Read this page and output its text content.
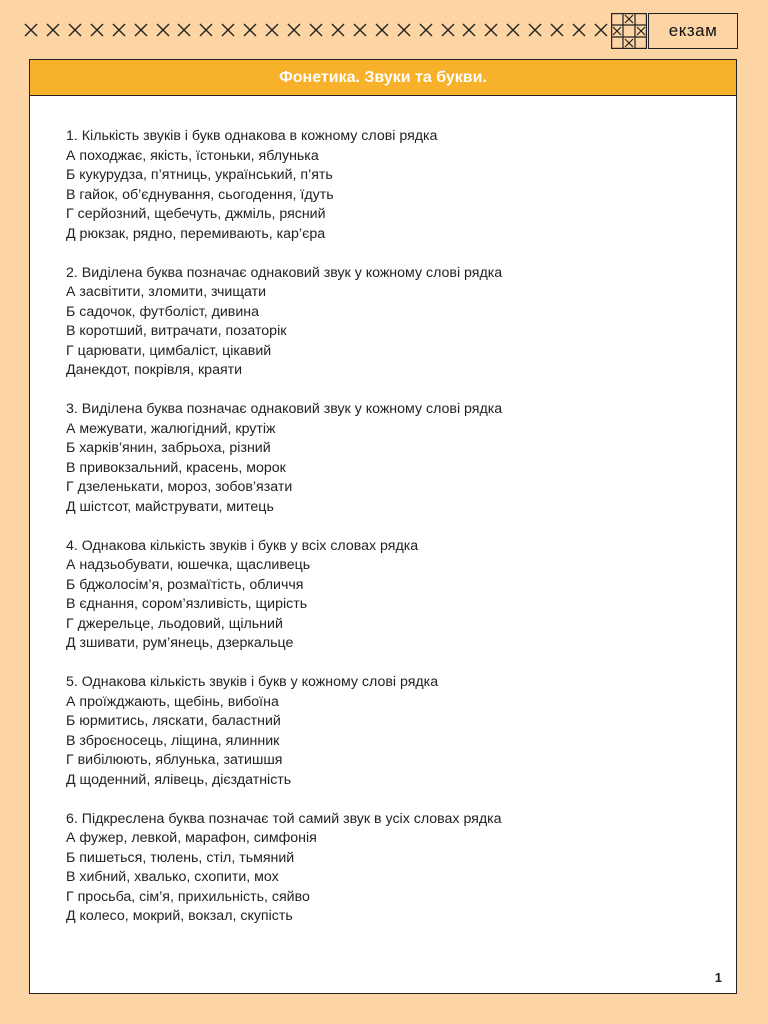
екзам
Фонетика. Звуки та букви.
1. Кількість звуків і букв однакова в кожному слові рядка
А походжає, якість, їстоньки, яблунька
Б кукурудза, п’ятниць, український, п’ять
В гайок, об’єднування, сьогодення, їдуть
Г серйозний, щебечуть, джміль, рясний
Д рюкзак, рядно, перемивають, кар’єра
2. Виділена буква позначає однаковий звук у кожному слові рядка
А засвітити, зломити, зчищати
Б садочок, футболіст, дивина
В коротший, витрачати, позаторік
Г царювати, цимбаліст, цікавий
Данекдот, покрівля, краяти
3. Виділена буква позначає однаковий звук у кожному слові рядка
А межувати, жалюгідний, крутіж
Б харків’янин, забрьоха, різний
В привокзальний, красень, морок
Г дзеленькати, мороз, зобов’язати
Д шістсот, майструвати, митець
4. Однакова кількість звуків і букв у всіх словах рядка
А надзьобувати, юшечка, щасливець
Б бджолосім’я, розмаїтість, обличчя
В єднання, сором’язливість, щирість
Г джерельце, льодовий, щільний
Д зшивати, рум’янець, дзеркальце
5. Однакова кількість звуків і букв у кожному слові рядка
А проїжджають, щебінь, вибоїна
Б юрмитись, ляскати, баластний
В зброєносець, ліщина, ялинник
Г вибілюють, яблунька, затишшя
Д щоденний, ялівець, дієздатність
6. Підкреслена буква позначає той самий звук в усіх словах рядка
А фужер, левкой, марафон, симфонія
Б пишеться, тюлень, стіл, тьмяний
В хибний, хвалько, схопити, мох
Г просьба, сім’я, прихильність, сяйво
Д колесо, мокрий, вокзал, скупість
1
